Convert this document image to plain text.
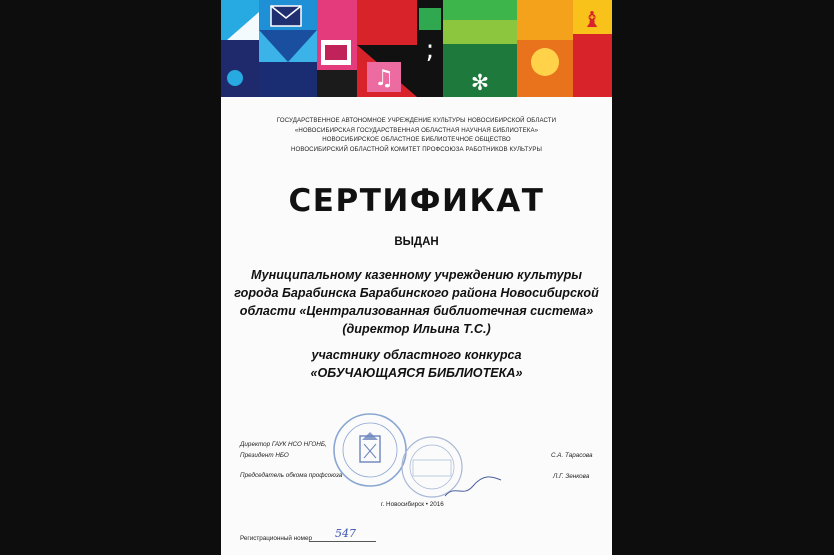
♫
;
✻
♝
ГОСУДАРСТВЕННОЕ АВТОНОМНОЕ УЧРЕЖДЕНИЕ КУЛЬТУРЫ НОВОСИБИРСКОЙ ОБЛАСТИ
«НОВОСИБИРСКАЯ ГОСУДАРСТВЕННАЯ ОБЛАСТНАЯ НАУЧНАЯ БИБЛИОТЕКА»
НОВОСИБИРСКОЕ ОБЛАСТНОЕ БИБЛИОТЕЧНОЕ ОБЩЕСТВО
НОВОСИБИРСКИЙ ОБЛАСТНОЙ КОМИТЕТ ПРОФСОЮЗА РАБОТНИКОВ КУЛЬТУРЫ
СЕРТИФИКАТ
ВЫДАН
Муниципальному казенному учреждению культуры
города Барабинска Барабинского района Новосибирской
области «Централизованная библиотечная система»
(директор Ильина Т.С.)
участнику областного конкурса
«ОБУЧАЮЩАЯСЯ БИБЛИОТЕКА»
Директор ГАУК НСО НГОНБ,
Президент НБО	С.А. Тарасова
Председатель обкома профсоюза	Л.Г. Зенкова
г. Новосибирск • 2016
Регистрационный номер 547
